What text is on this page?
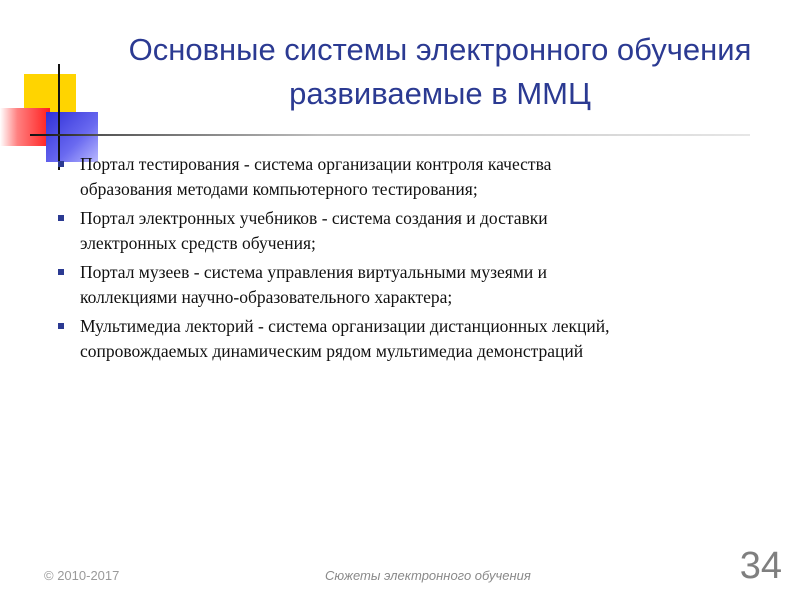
Основные системы электронного обучения
развиваемые в ММЦ
Портал тестирования - система организации контроля качества
образования методами компьютерного тестирования;
Портал электронных учебников - система создания и доставки
электронных средств обучения;
Портал музеев - система управления виртуальными музеями и
коллекциями научно-образовательного характера;
Мультимедиа лекторий - система организации дистанционных лекций,
сопровождаемых динамическим рядом мультимедиа демонстраций
© 2010-2017	Сюжеты электронного обучения	34
